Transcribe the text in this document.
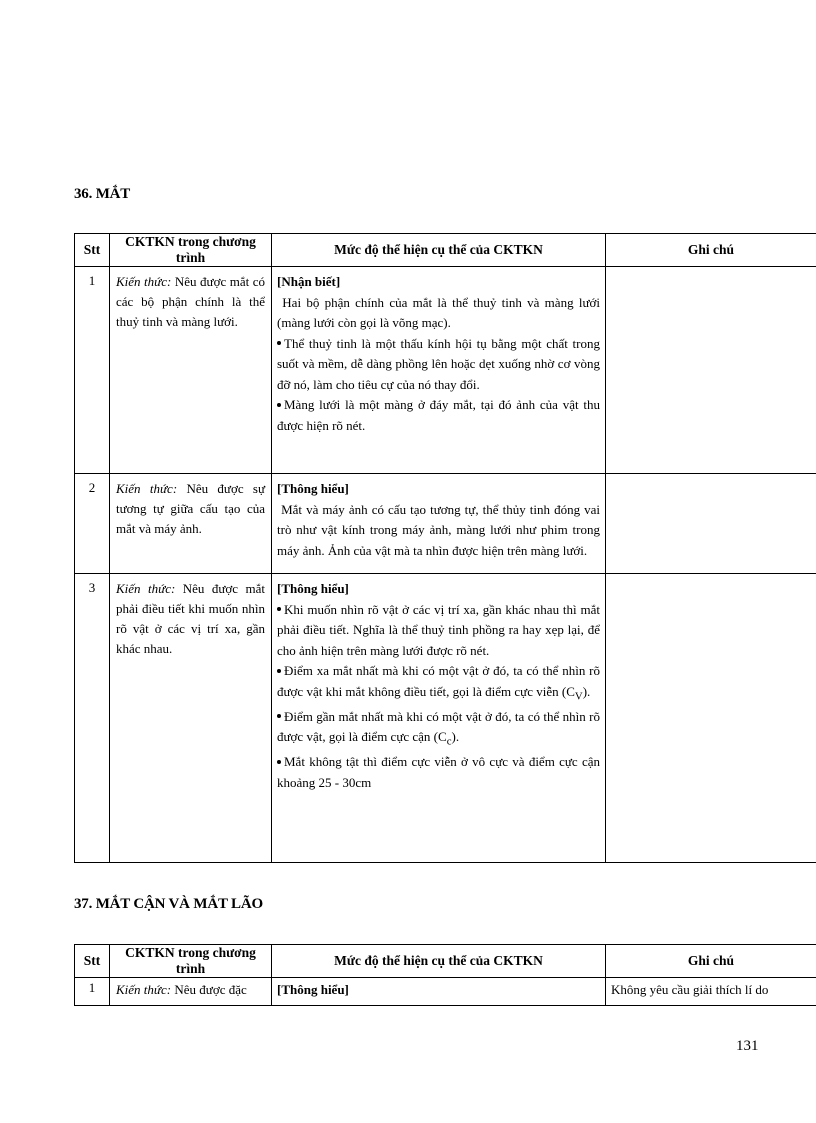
36. MẮT
Stt	CKTKN trong chương trình	Mức độ thể hiện cụ thể của CKTKN	Ghi chú
1	Kiến thức: Nêu được mắt có các bộ phận chính là thể thuỷ tinh và màng lưới.	[Nhận biết]
Hai bộ phận chính của mắt là thể thuỷ tinh và màng lưới (màng lưới còn gọi là võng mạc).
Thể thuỷ tinh là một thấu kính hội tụ bằng một chất trong suốt và mềm, dễ dàng phồng lên hoặc dẹt xuống nhờ cơ vòng đỡ nó, làm cho tiêu cự của nó thay đổi.
Màng lưới là một màng ở đáy mắt, tại đó ảnh của vật thu được hiện rõ nét.	

2	Kiến thức: Nêu được sự tương tự giữa cấu tạo của mắt và máy ảnh.	[Thông hiểu]
Mắt và máy ảnh có cấu tạo tương tự, thể thủy tinh đóng vai trò như vật kính trong máy ảnh, màng lưới như phim trong máy ảnh. Ảnh của vật mà ta nhìn được hiện trên màng lưới.	

3	Kiến thức: Nêu được mắt phải điều tiết khi muốn nhìn rõ vật ở các vị trí xa, gần khác nhau.	[Thông hiểu]
Khi muốn nhìn rõ vật ở các vị trí xa, gần khác nhau thì mắt phải điều tiết. Nghĩa là thể thuỷ tinh phồng ra hay xẹp lại, để cho ảnh hiện trên màng lưới được rõ nét.
Điểm xa mắt nhất mà khi có một vật ở đó, ta có thể nhìn rõ được vật khi mắt không điều tiết, gọi là điểm cực viễn $(C_V)$.
Điểm gần mắt nhất mà khi có một vật ở đó, ta có thể nhìn rõ được vật, gọi là điểm cực cận $(C_c)$.
Mắt không tật thì điểm cực viễn ở vô cực và điểm cực cận khoảng 25 - 30cm	

37. MẮT CẬN VÀ MẮT LÃO
Stt	CKTKN trong chương trình	Mức độ thể hiện cụ thể của CKTKN	Ghi chú
1	Kiến thức: Nêu được đặc	[Thông hiểu]	Không yêu cầu giải thích lí do
131
